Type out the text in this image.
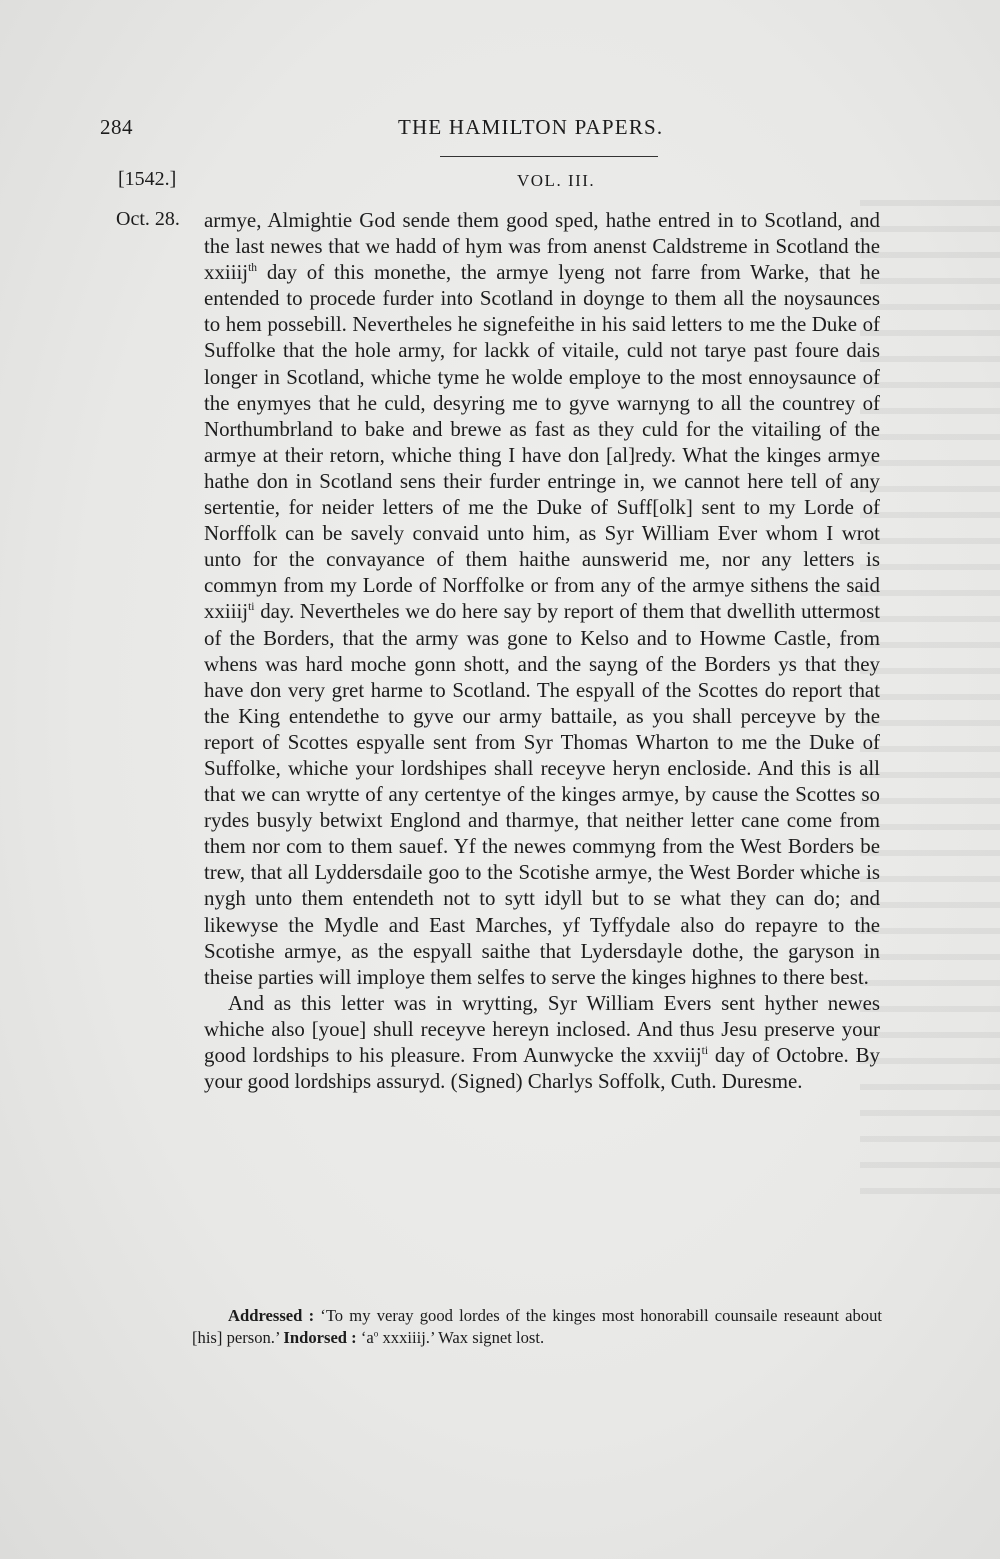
284	THE HAMILTON PAPERS.
[1542.]	VOL. III.
Oct. 28. armye, Almightie God sende them good sped, hathe entred in to Scotland, and the last newes that we hadd of hym was from anenst Caldstreme in Scotland the xxiiij$^{th}$ day of this monethe, the armye lyeng not farre from Warke, that he entended to procede furder into Scotland in doynge to them all the noysaunces to hem possebill. Nevertheles he signefeithe in his said letters to me the Duke of Suffolke that the hole army, for lackk of vitaile, culd not tarye past foure dais longer in Scotland, whiche tyme he wolde employe to the most ennoysaunce of the enymyes that he culd, desyring me to gyve warnyng to all the countrey of Northumbrland to bake and brewe as fast as they culd for the vitailing of the armye at their retorn, whiche thing I have don [al]redy. What the kinges armye hathe don in Scotland sens their furder entringe in, we cannot here tell of any sertentie, for neider letters of me the Duke of Suff[olk] sent to my Lorde of Norffolk can be savely convaid unto him, as Syr William Ever whom I wrot unto for the convayance of them haithe aunswerid me, nor any letters is commyn from my Lorde of Norffolke or from any of the armye sithens the said xxiiij$^{ti}$ day. Nevertheles we do here say by report of them that dwellith uttermost of the Borders, that the army was gone to Kelso and to Howme Castle, from whens was hard moche gonn shott, and the sayng of the Borders ys that they have don very gret harme to Scotland. The espyall of the Scottes do report that the King entendethe to gyve our army battaile, as you shall perceyve by the report of Scottes espyalle sent from Syr Thomas Wharton to me the Duke of Suffolke, whiche your lordshipes shall receyve heryn encloside. And this is all that we can wrytte of any certentye of the kinges armye, by cause the Scottes so rydes busyly betwixt Englond and tharmye, that neither letter cane come from them nor com to them sauef. Yf the newes commyng from the West Borders be trew, that all Lyddersdaile goo to the Scotishe armye, the West Border whiche is nygh unto them entendeth not to sytt idyll but to se what they can do; and likewyse the Mydle and East Marches, yf Tyffydale also do repayre to the Scotishe armye, as the espyall saithe that Lydersdayle dothe, the garyson in theise parties will imploye them selfes to serve the kinges highnes to there best.

And as this letter was in wrytting, Syr William Evers sent hyther newes whiche also [youe] shull receyve hereyn inclosed. And thus Jesu preserve your good lordships to his pleasure. From Aunwycke the xxviij$^{ti}$ day of Octobre. By your good lordships assuryd. (Signed) Charlys Soffolk, Cuth. Duresme.

Addressed : ‘To my veray good lordes of the kinges most honorabill counsaile reseaunt about [his] person.’ Indorsed : ‘$a^o$ xxxiiij.’ Wax signet lost.
